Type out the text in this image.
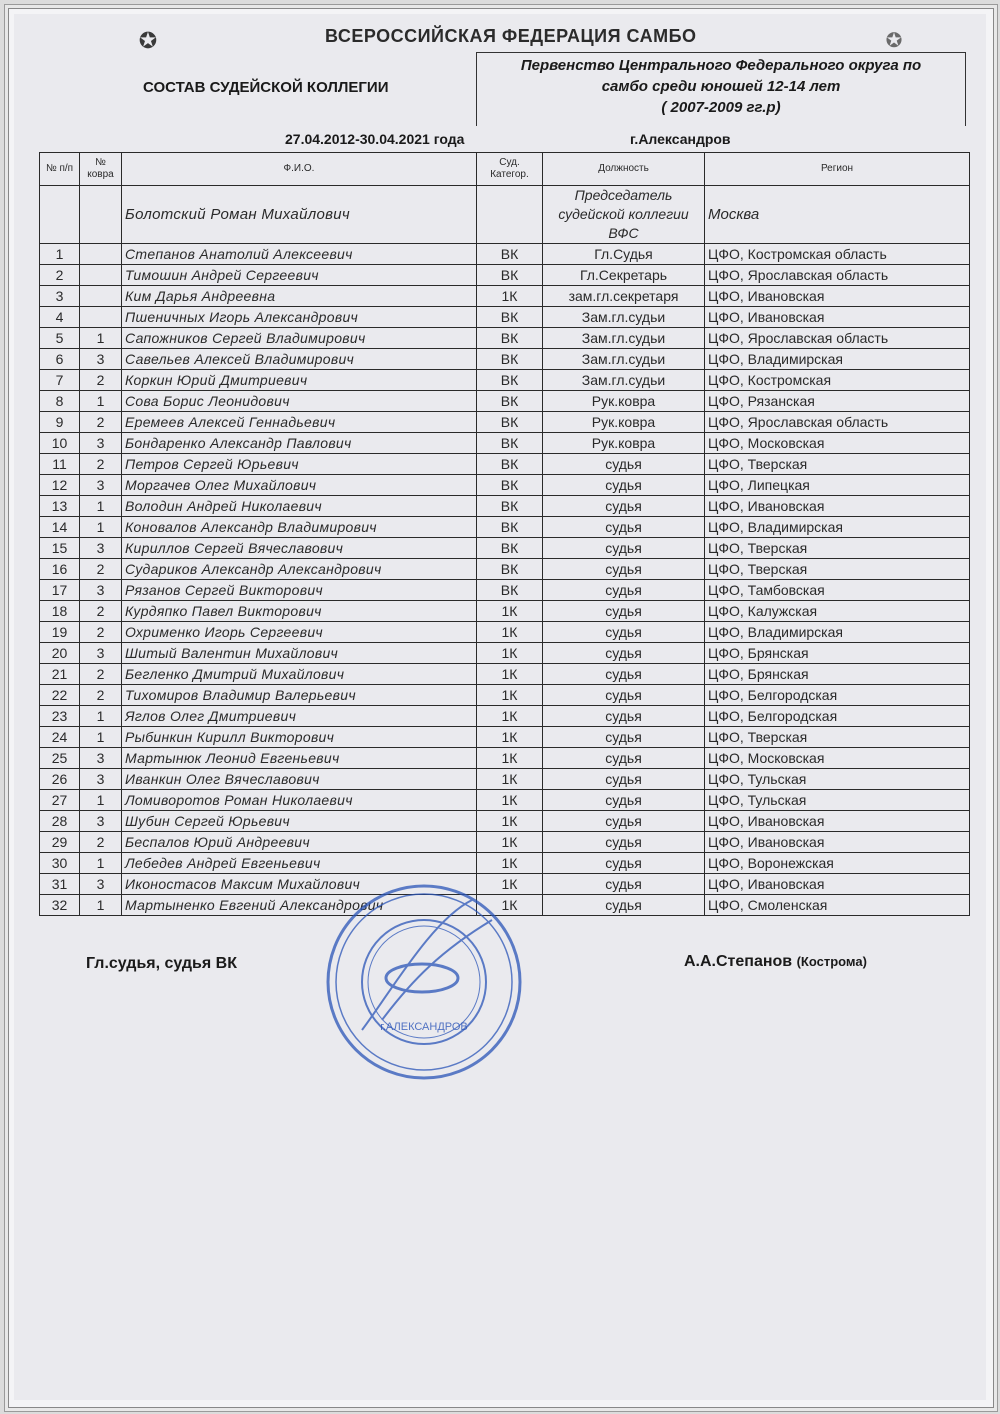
✪	✪
ВСЕРОССИЙСКАЯ ФЕДЕРАЦИЯ САМБО
СОСТАВ СУДЕЙСКОЙ КОЛЛЕГИИ
Первенство Центрального Федерального округа по
самбо среди юношей 12-14 лет
( 2007-2009 гг.р)
27.04.2012-30.04.2021 года	г.Александров
№ п/п	№ ковра	Ф.И.О.	Суд. Категор.	Должность	Регион
		Болотский Роман Михайлович		Председатель судейской коллегии ВФС	Москва
1		Степанов Анатолий Алексеевич	ВК	Гл.Судья	ЦФО, Костромская область
2		Тимошин Андрей Сергеевич	ВК	Гл.Секретарь	ЦФО, Ярославская область
3		Ким Дарья Андреевна	1К	зам.гл.секретаря	ЦФО, Ивановская
4		Пшеничных Игорь Александрович	ВК	Зам.гл.судьи	ЦФО, Ивановская
5	1	Сапожников Сергей Владимирович	ВК	Зам.гл.судьи	ЦФО, Ярославская область
6	3	Савельев Алексей Владимирович	ВК	Зам.гл.судьи	ЦФО, Владимирская
7	2	Коркин Юрий Дмитриевич	ВК	Зам.гл.судьи	ЦФО, Костромская
8	1	Сова Борис Леонидович	ВК	Рук.ковра	ЦФО, Рязанская
9	2	Еремеев Алексей Геннадьевич	ВК	Рук.ковра	ЦФО, Ярославская область
10	3	Бондаренко Александр Павлович	ВК	Рук.ковра	ЦФО, Московская
11	2	Петров Сергей Юрьевич	ВК	судья	ЦФО, Тверская
12	3	Моргачев Олег Михайлович	ВК	судья	ЦФО, Липецкая
13	1	Володин Андрей Николаевич	ВК	судья	ЦФО, Ивановская
14	1	Коновалов Александр Владимирович	ВК	судья	ЦФО, Владимирская
15	3	Кириллов Сергей Вячеславович	ВК	судья	ЦФО, Тверская
16	2	Судариков Александр Александрович	ВК	судья	ЦФО, Тверская
17	3	Рязанов Сергей Викторович	ВК	судья	ЦФО, Тамбовская
18	2	Курдяпко Павел Викторович	1К	судья	ЦФО, Калужская
19	2	Охрименко Игорь Сергеевич	1К	судья	ЦФО, Владимирская
20	3	Шитый Валентин Михайлович	1К	судья	ЦФО, Брянская
21	2	Бегленко Дмитрий Михайлович	1К	судья	ЦФО, Брянская
22	2	Тихомиров Владимир Валерьевич	1К	судья	ЦФО, Белгородская
23	1	Яглов Олег Дмитриевич	1К	судья	ЦФО, Белгородская
24	1	Рыбинкин Кирилл Викторович	1К	судья	ЦФО, Тверская
25	3	Мартынюк Леонид Евгеньевич	1К	судья	ЦФО, Московская
26	3	Иванкин Олег Вячеславович	1К	судья	ЦФО, Тульская
27	1	Ломиворотов Роман Николаевич	1К	судья	ЦФО, Тульская
28	3	Шубин Сергей Юрьевич	1К	судья	ЦФО, Ивановская
29	2	Беспалов Юрий Андреевич	1К	судья	ЦФО, Ивановская
30	1	Лебедев Андрей Евгеньевич	1К	судья	ЦФО, Воронежская
31	3	Иконостасов Максим Михайлович	1К	судья	ЦФО, Ивановская
32	1	Мартыненко Евгений Александрович	1К	судья	ЦФО, Смоленская
Гл.судья, судья ВК	А.А.Степанов (Кострома)
г.АЛЕКСАНДРОВ
